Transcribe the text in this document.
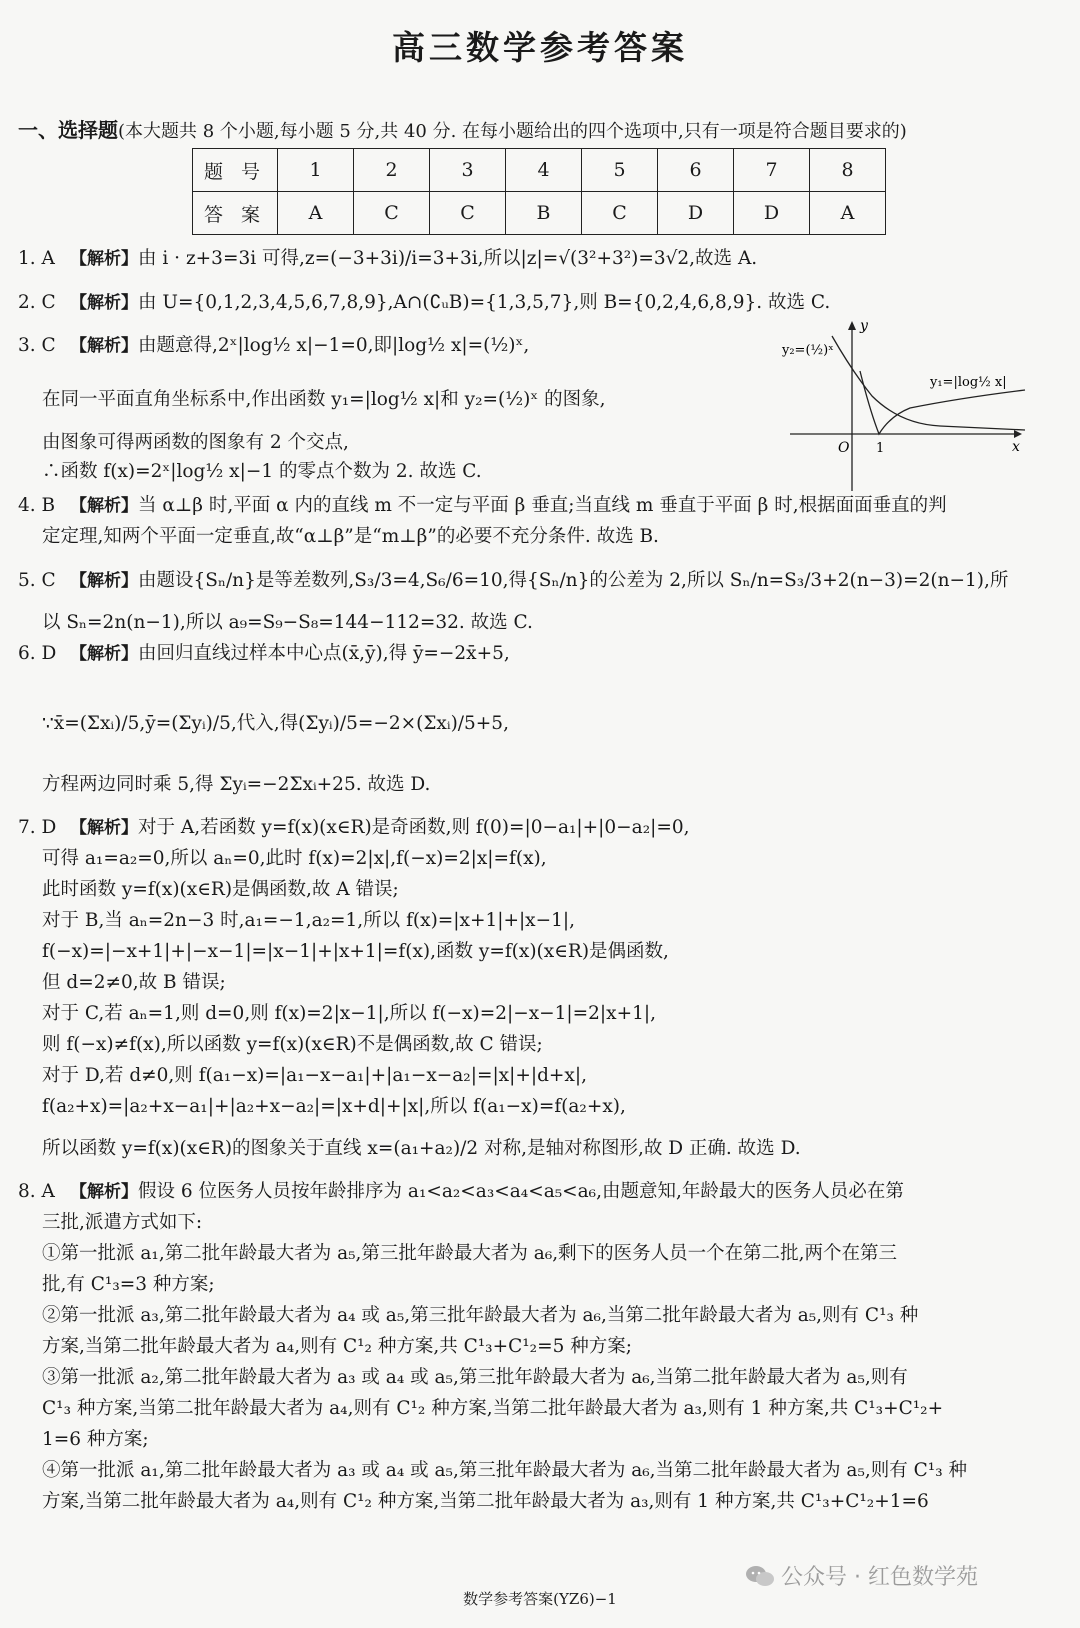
高三数学参考答案
一、选择题(本大题共 8 个小题,每小题 5 分,共 40 分. 在每小题给出的四个选项中,只有一项是符合题目要求的)
题 号	1	2	3	4	5	6	7	8
答 案	A	C	C	B	C	D	D	A
1. A 【解析】由 i · z+3=3i 可得,z=(−3+3i)/i=3+3i,所以|z|=√(3²+3²)=3√2,故选 A.
2. C 【解析】由 U={0,1,2,3,4,5,6,7,8,9},A∩(∁ᵤB)={1,3,5,7},则 B={0,2,4,6,8,9}. 故选 C.
3. C 【解析】由题意得,2ˣ|log½ x|−1=0,即|log½ x|=(½)ˣ,
在同一平面直角坐标系中,作出函数 y₁=|log½ x|和 y₂=(½)ˣ 的图象,
由图象可得两函数的图象有 2 个交点,
∴函数 f(x)=2ˣ|log½ x|−1 的零点个数为 2. 故选 C.
4. B 【解析】当 α⊥β 时,平面 α 内的直线 m 不一定与平面 β 垂直;当直线 m 垂直于平面 β 时,根据面面垂直的判
定定理,知两个平面一定垂直,故“α⊥β”是“m⊥β”的必要不充分条件. 故选 B.
5. C 【解析】由题设{Sₙ/n}是等差数列,S₃/3=4,S₆/6=10,得{Sₙ/n}的公差为 2,所以 Sₙ/n=S₃/3+2(n−3)=2(n−1),所
以 Sₙ=2n(n−1),所以 a₉=S₉−S₈=144−112=32. 故选 C.
6. D 【解析】由回归直线过样本中心点(x̄,ȳ),得 ȳ=−2x̄+5,
∵x̄=(Σxᵢ)/5,ȳ=(Σyᵢ)/5,代入,得(Σyᵢ)/5=−2×(Σxᵢ)/5+5,
方程两边同时乘 5,得 Σyᵢ=−2Σxᵢ+25. 故选 D.
7. D 【解析】对于 A,若函数 y=f(x)(x∈R)是奇函数,则 f(0)=|0−a₁|+|0−a₂|=0,
可得 a₁=a₂=0,所以 aₙ=0,此时 f(x)=2|x|,f(−x)=2|x|=f(x),
此时函数 y=f(x)(x∈R)是偶函数,故 A 错误;
对于 B,当 aₙ=2n−3 时,a₁=−1,a₂=1,所以 f(x)=|x+1|+|x−1|,
f(−x)=|−x+1|+|−x−1|=|x−1|+|x+1|=f(x),函数 y=f(x)(x∈R)是偶函数,
但 d=2≠0,故 B 错误;
对于 C,若 aₙ=1,则 d=0,则 f(x)=2|x−1|,所以 f(−x)=2|−x−1|=2|x+1|,
则 f(−x)≠f(x),所以函数 y=f(x)(x∈R)不是偶函数,故 C 错误;
对于 D,若 d≠0,则 f(a₁−x)=|a₁−x−a₁|+|a₁−x−a₂|=|x|+|d+x|,
f(a₂+x)=|a₂+x−a₁|+|a₂+x−a₂|=|x+d|+|x|,所以 f(a₁−x)=f(a₂+x),
所以函数 y=f(x)(x∈R)的图象关于直线 x=(a₁+a₂)/2 对称,是轴对称图形,故 D 正确. 故选 D.
8. A 【解析】假设 6 位医务人员按年龄排序为 a₁<a₂<a₃<a₄<a₅<a₆,由题意知,年龄最大的医务人员必在第
三批,派遣方式如下:
①第一批派 a₁,第二批年龄最大者为 a₅,第三批年龄最大者为 a₆,剩下的医务人员一个在第二批,两个在第三
批,有 C¹₃=3 种方案;
②第一批派 a₃,第二批年龄最大者为 a₄ 或 a₅,第三批年龄最大者为 a₆,当第二批年龄最大者为 a₅,则有 C¹₃ 种
方案,当第二批年龄最大者为 a₄,则有 C¹₂ 种方案,共 C¹₃+C¹₂=5 种方案;
③第一批派 a₂,第二批年龄最大者为 a₃ 或 a₄ 或 a₅,第三批年龄最大者为 a₆,当第二批年龄最大者为 a₅,则有
C¹₃ 种方案,当第二批年龄最大者为 a₄,则有 C¹₂ 种方案,当第二批年龄最大者为 a₃,则有 1 种方案,共 C¹₃+C¹₂+
1=6 种方案;
④第一批派 a₁,第二批年龄最大者为 a₃ 或 a₄ 或 a₅,第三批年龄最大者为 a₆,当第二批年龄最大者为 a₅,则有 C¹₃ 种
方案,当第二批年龄最大者为 a₄,则有 C¹₂ 种方案,当第二批年龄最大者为 a₃,则有 1 种方案,共 C¹₃+C¹₂+1=6
y₂=(½)ˣ
y₁=|log½ x|
y
x
O 1
公众号 · 红色数学苑
数学参考答案(YZ6)−1
